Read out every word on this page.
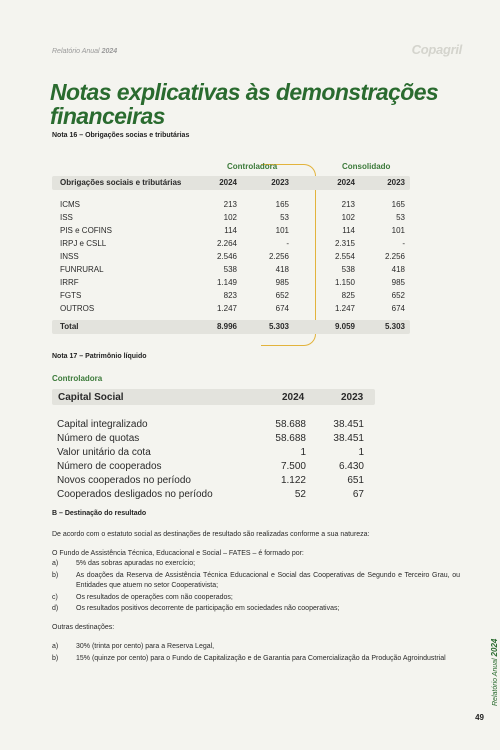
Relatório Anual 2024	Copagril
Notas explicativas às demonstrações financeiras
Nota 16 – Obrigações socias e tributárias
Controladora	Consolidado
Obrigações sociais e tributárias	2024	2023	2024	2023
ICMS	213	165	213	165
ISS	102	53	102	53
PIS e COFINS	114	101	114	101
IRPJ e CSLL	2.264	-	2.315	-
INSS	2.546	2.256	2.554	2.256
FUNRURAL	538	418	538	418
IRRF	1.149	985	1.150	985
FGTS	823	652	825	652
OUTROS	1.247	674	1.247	674
Total	8.996	5.303	9.059	5.303
Nota 17 – Patrimônio líquido
Controladora
Capital Social	2024	2023
Capital integralizado	58.688	38.451
Número de quotas	58.688	38.451
Valor unitário da cota	1	1
Número de cooperados	7.500	6.430
Novos cooperados no período	1.122	651
Cooperados desligados no período	52	67
B – Destinação do resultado

De acordo com o estatuto social as destinações de resultado são realizadas conforme a sua natureza:

O Fundo de Assistência Técnica, Educacional e Social – FATES – é formado por:

a)	5% das sobras apuradas no exercício;
b)	As doações da Reserva de Assistência Técnica Educacional e Social das Cooperativas de Segundo e Terceiro Grau, ou Entidades que atuem no setor Cooperativista;
c)	Os resultados de operações com não cooperados;
d)	Os resultados positivos decorrente de participação em sociedades não cooperativas;

Outras destinações:

a)	30% (trinta por cento) para a Reserva Legal,
b)	15% (quinze por cento) para o Fundo de Capitalização e de Garantia para Comercialização da Produção Agroindustrial	Relatório Anual 2024
49
